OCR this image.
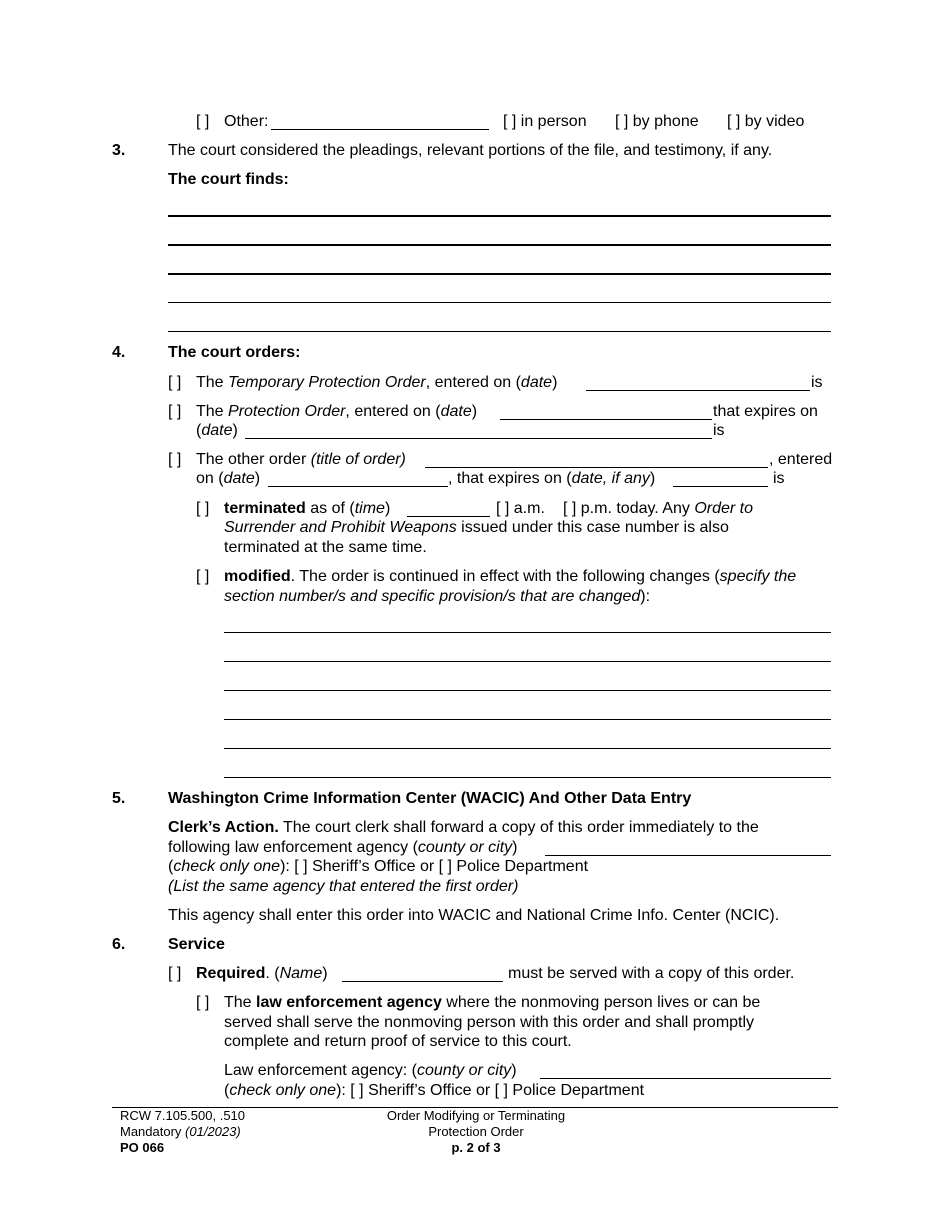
[ ] Other:	[ ] in person [ ] by phone [ ] by video
3.	The court considered the pleadings, relevant portions of the file, and testimony, if any.
The court finds:
4.	The court orders:
[ ] The Temporary Protection Order, entered on (date)	is
[ ] The Protection Order, entered on (date)	that expires on
(date)	is
[ ] The other order (title of order)	, entered
on (date)	, that expires on (date, if any)	is
[ ] terminated as of (time)	[ ] a.m. [ ] p.m. today. Any Order to
Surrender and Prohibit Weapons issued under this case number is also
terminated at the same time.
[ ] modified. The order is continued in effect with the following changes (specify the
section number/s and specific provision/s that are changed):
5.	Washington Crime Information Center (WACIC) And Other Data Entry
Clerk’s Action. The court clerk shall forward a copy of this order immediately to the
following law enforcement agency (county or city)
(check only one): [ ] Sheriff’s Office or [ ] Police Department
(List the same agency that entered the first order)
This agency shall enter this order into WACIC and National Crime Info. Center (NCIC).
6.	Service
[ ] Required. (Name)	must be served with a copy of this order.
[ ] The law enforcement agency where the nonmoving person lives or can be
served shall serve the nonmoving person with this order and shall promptly
complete and return proof of service to this court.
Law enforcement agency: (county or city)
(check only one): [ ] Sheriff’s Office or [ ] Police Department
RCW 7.105.500, .510
Mandatory (01/2023)
PO 066
Order Modifying or Terminating
Protection Order
p. 2 of 3
